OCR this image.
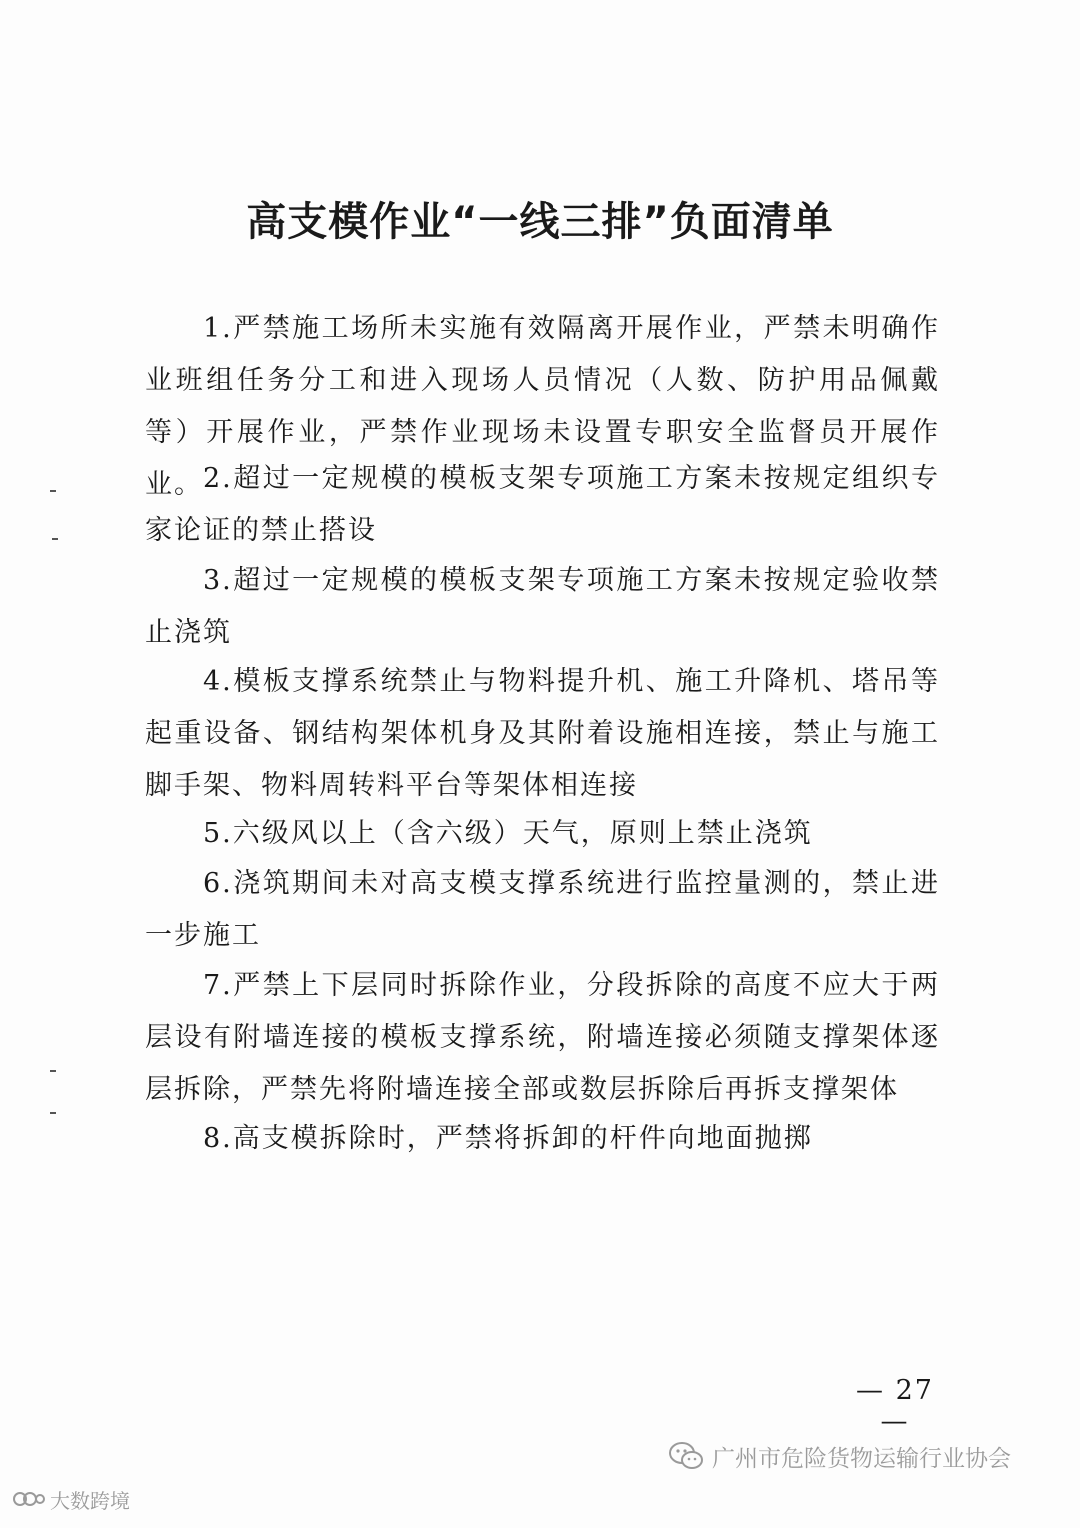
高支模作业“一线三排”负面清单

1.严禁施工场所未实施有效隔离开展作业，严禁未明确作业班组任务分工和进入现场人员情况（人数、防护用品佩戴等）开展作业，严禁作业现场未设置专职安全监督员开展作业。 2.超过一定规模的模板支架专项施工方案未按规定组织专家论证的禁止搭设

3.超过一定规模的模板支架专项施工方案未按规定验收禁止浇筑

4.模板支撑系统禁止与物料提升机、施工升降机、塔吊等起重设备、钢结构架体机身及其附着设施相连接，禁止与施工脚手架、物料周转料平台等架体相连接

5.六级风以上（含六级）天气，原则上禁止浇筑

6.浇筑期间未对高支模支撑系统进行监控量测的，禁止进一步施工

7.严禁上下层同时拆除作业，分段拆除的高度不应大于两层设有附墙连接的模板支撑系统，附墙连接必须随支撑架体逐层拆除，严禁先将附墙连接全部或数层拆除后再拆支撑架体

8.高支模拆除时，严禁将拆卸的杆件向地面抛掷

— 27 —
广州市危险货物运输行业协会
大数跨境
